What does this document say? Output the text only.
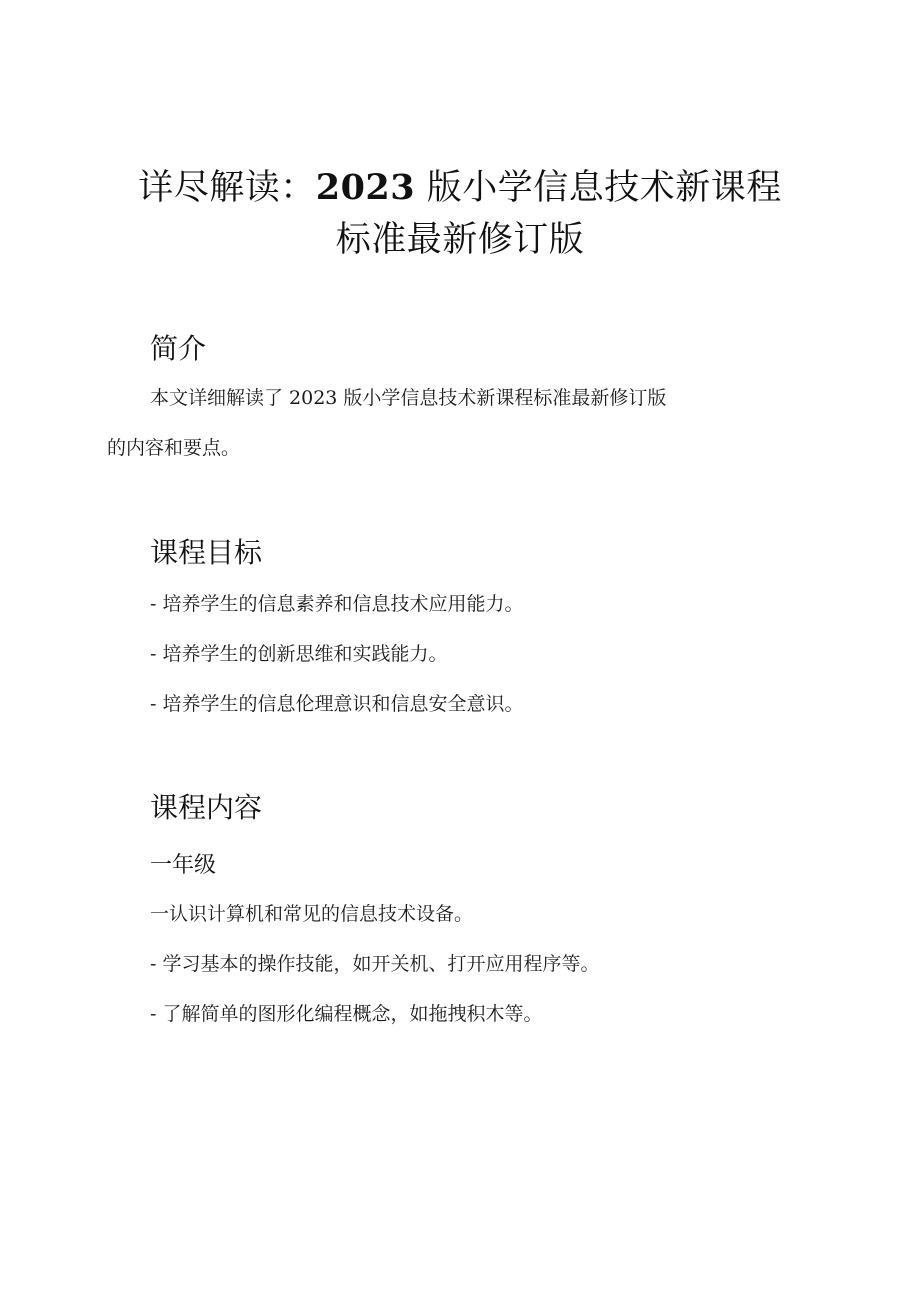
详尽解读：2023 版小学信息技术新课程
标准最新修订版
简介

本文详细解读了 2023 版小学信息技术新课程标准最新修订版

的内容和要点。

课程目标

- 培养学生的信息素养和信息技术应用能力。

- 培养学生的创新思维和实践能力。

- 培养学生的信息伦理意识和信息安全意识。

课程内容
一年级

一认识计算机和常见的信息技术设备。

- 学习基本的操作技能，如开关机、打开应用程序等。

- 了解简单的图形化编程概念，如拖拽积木等。
